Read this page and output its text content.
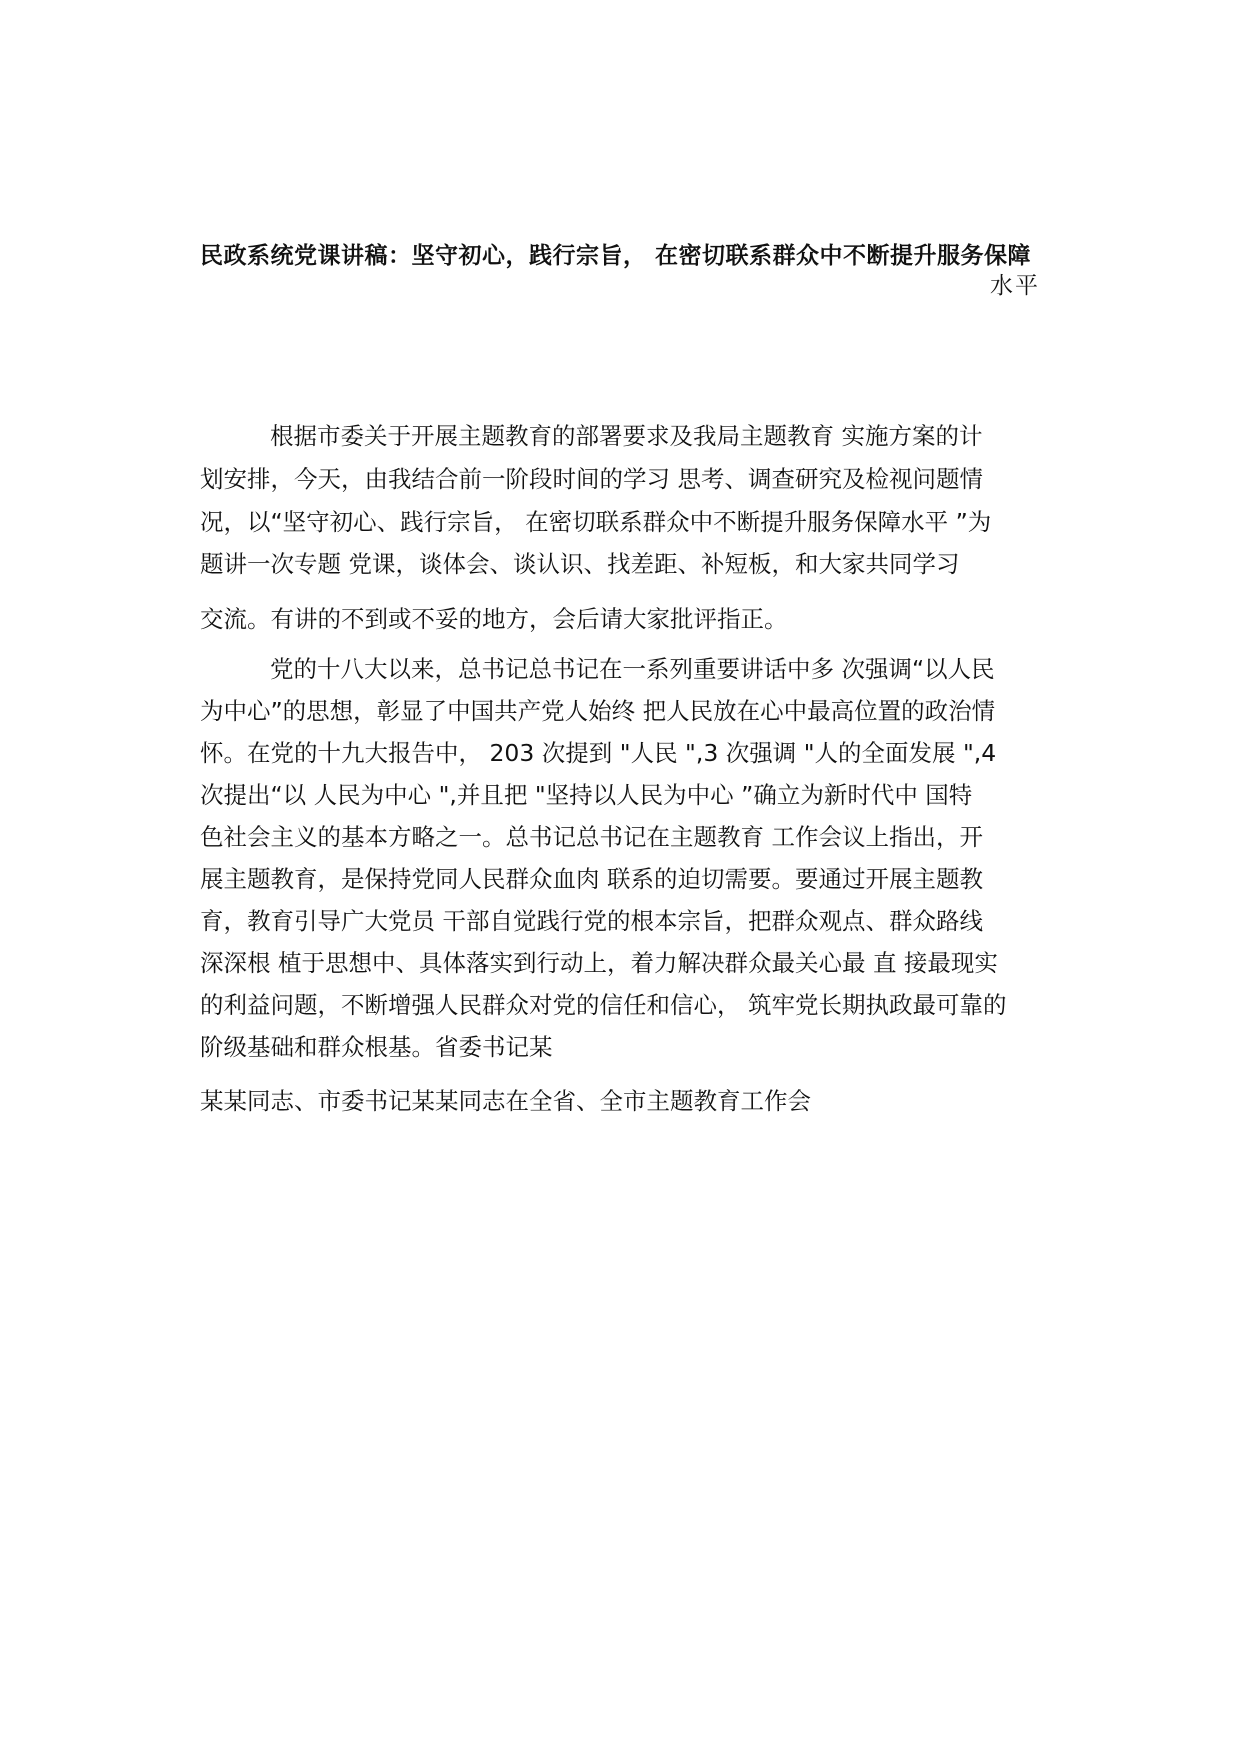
民政系统党课讲稿：坚守初心，践行宗旨， 在密切联系群众中不断提升服务保障
水平
根据市委关于开展主题教育的部署要求及我局主题教育 实施方案的计
划安排，今天，由我结合前一阶段时间的学习 思考、调查研究及检视问题情
况，以“坚守初心、践行宗旨， 在密切联系群众中不断提升服务保障水平 ”为
题讲一次专题 党课，谈体会、谈认识、找差距、补短板，和大家共同学习
交流。有讲的不到或不妥的地方，会后请大家批评指正。
党的十八大以来，总书记总书记在一系列重要讲话中多 次强调“以人民
为中心”的思想，彰显了中国共产党人始终 把人民放在心中最高位置的政治情
怀。在党的十九大报告中， 203 次提到 "人民 ",3 次强调 "人的全面发展 ",4
次提出“以 人民为中心 ",并且把 "坚持以人民为中心 ”确立为新时代中 国特
色社会主义的基本方略之一。总书记总书记在主题教育 工作会议上指出，开
展主题教育，是保持党同人民群众血肉 联系的迫切需要。要通过开展主题教
育，教育引导广大党员 干部自觉践行党的根本宗旨，把群众观点、群众路线
深深根 植于思想中、具体落实到行动上，着力解决群众最关心最 直 接最现实
的利益问题，不断增强人民群众对党的信任和信心， 筑牢党长期执政最可靠的
阶级基础和群众根基。省委书记某
某某同志、市委书记某某同志在全省、全市主题教育工作会
